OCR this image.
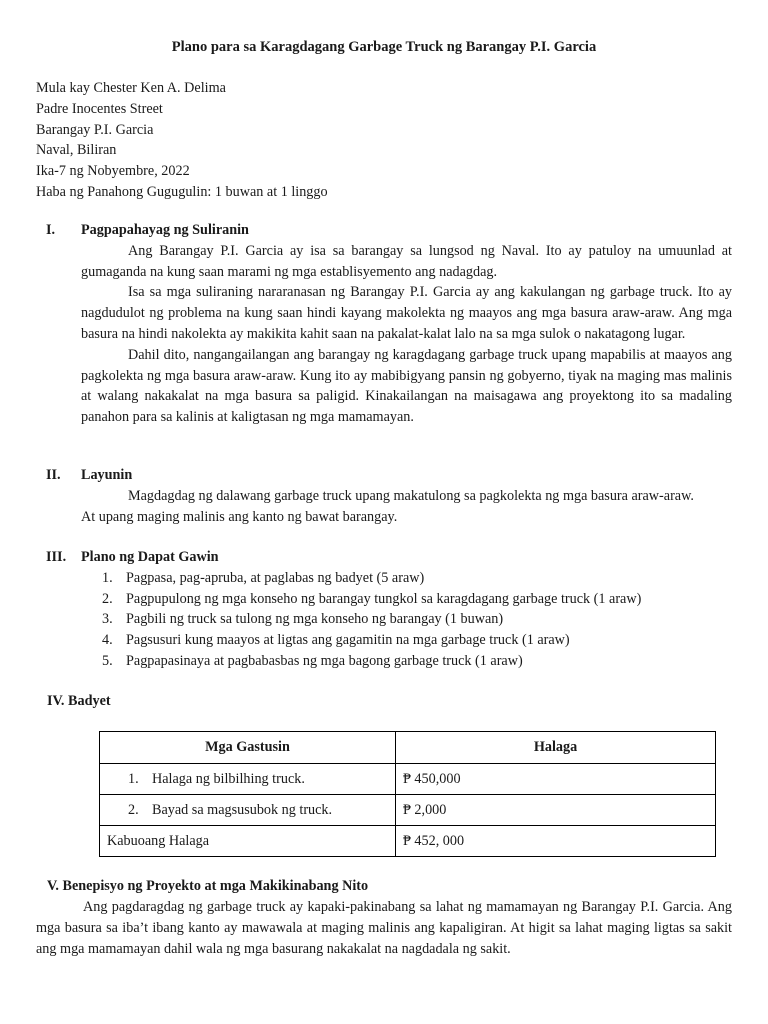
Plano para sa Karagdagang Garbage Truck ng Barangay P.I. Garcia
Mula kay Chester Ken A. Delima
Padre Inocentes Street
Barangay P.I. Garcia
Naval, Biliran
Ika-7 ng Nobyembre, 2022
Haba ng Panahong Gugugulin: 1 buwan at 1 linggo
I. Pagpapahayag ng Suliranin

Ang Barangay P.I. Garcia ay isa sa barangay sa lungsod ng Naval. Ito ay patuloy na umuunlad at gumaganda na kung saan marami ng mga establisyemento ang nadagdag.

Isa sa mga suliraning nararanasan ng Barangay P.I. Garcia ay ang kakulangan ng garbage truck. Ito ay nagdudulot ng problema na kung saan hindi kayang makolekta ng maayos ang mga basura araw-araw. Ang mga basura na hindi nakolekta ay makikita kahit saan na pakalat-kalat lalo na sa mga sulok o nakatagong lugar.

Dahil dito, nangangailangan ang barangay ng karagdagang garbage truck upang mapabilis at maayos ang pagkolekta ng mga basura araw-araw. Kung ito ay mabibigyang pansin ng gobyerno, tiyak na maging mas malinis at walang nakakalat na mga basura sa paligid. Kinakailangan na maisagawa ang proyektong ito sa madaling panahon para sa kalinis at kaligtasan ng mga mamamayan.

II. Layunin

Magdagdag ng dalawang garbage truck upang makatulong sa pagkolekta ng mga basura araw-araw.

At upang maging malinis ang kanto ng bawat barangay.

III. Plano ng Dapat Gawin
1. Pagpasa, pag-apruba, at paglabas ng badyet (5 araw)
2. Pagpupulong ng mga konseho ng barangay tungkol sa karagdagang garbage truck (1 araw)
3. Pagbili ng truck sa tulong ng mga konseho ng barangay (1 buwan)
4. Pagsusuri kung maayos at ligtas ang gagamitin na mga garbage truck (1 araw)
5. Pagpapasinaya at pagbabasbas ng mga bagong garbage truck (1 araw)
IV. Badyet
Mga Gastusin	Halaga
1. Halaga ng bilbilhing truck.	₱ 450,000
2. Bayad sa magsusubok ng truck.	₱ 2,000
Kabuoang Halaga	₱ 452, 000
V. Benepisyo ng Proyekto at mga Makikinabang Nito

Ang pagdaragdag ng garbage truck ay kapaki-pakinabang sa lahat ng mamamayan ng Barangay P.I. Garcia. Ang mga basura sa iba’t ibang kanto ay mawawala at maging malinis ang kapaligiran. At higit sa lahat maging ligtas sa sakit ang mga mamamayan dahil wala ng mga basurang nakakalat na nagdadala ng sakit.
